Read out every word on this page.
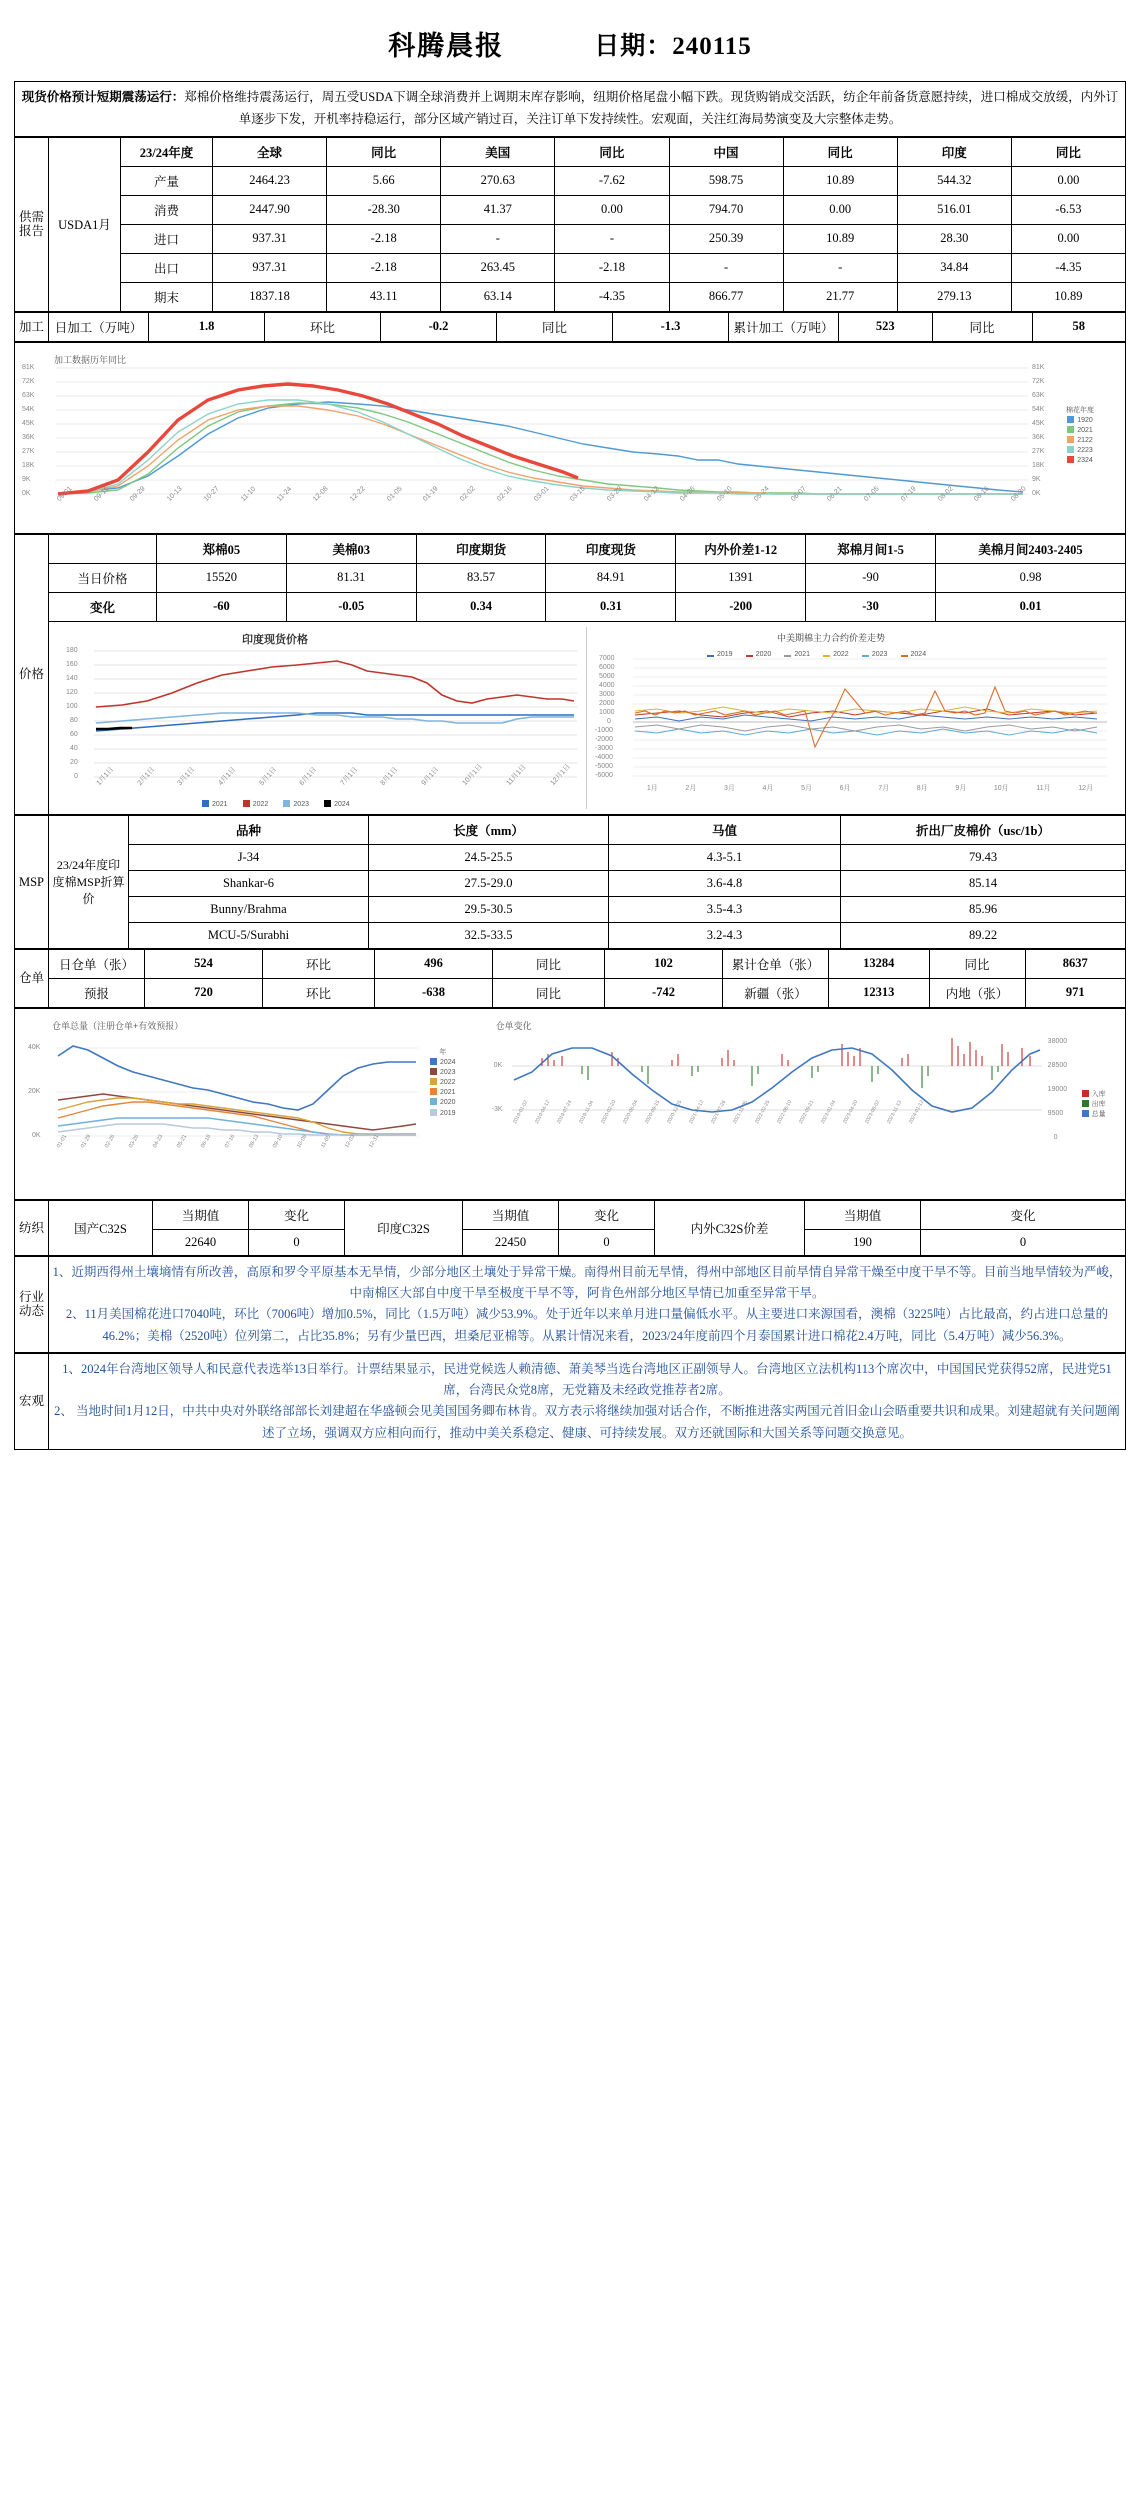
科腾晨报	日期：240115
现货价格预计短期震荡运行：郑棉价格维持震荡运行，周五受USDA下调全球消费并上调期末库存影响，纽期价格尾盘小幅下跌。现货购销成交活跃，纺企年前备货意愿持续，进口棉成交放缓，内外订单逐步下发，开机率持稳运行，部分区域产销过百，关注订单下发持续性。宏观面，关注红海局势演变及大宗整体走势。
供需报告	USDA1月	23/24年度	全球	同比	美国	同比	中国	同比	印度	同比
		产量	2464.23	5.66	270.63	-7.62	598.75	10.89	544.32	0.00
		消费	2447.90	-28.30	41.37	0.00	794.70	0.00	516.01	-6.53
		进口	937.31	-2.18	-	-	250.39	10.89	28.30	0.00
		出口	937.31	-2.18	263.45	-2.18	-	-	34.84	-4.35
		期末	1837.18	43.11	63.14	-4.35	866.77	21.77	279.13	10.89
加工	日加工（万吨）	1.8	环比	-0.2	同比	-1.3	累计加工（万吨）	523	同比	58
加工数据历年同比
81K
72K
63K
54K
45K
36K
27K
18K
9K
0K
81K
72K
63K
54K
45K
36K
27K
18K
9K
0K
棉花年度
1920
2021
2122
2223
2324
09-01	09-15	09-29	10-13	10-27	11-10	11-24	12-08	12-22	01-05	01-19	02-02	02-16	03-01	03-15	03-29	04-12	04-26	05-10	05-24	06-07	06-21	07-05	07-19	08-02	08-16	08-30
价格		郑棉05	美棉03	印度期货	印度现货	内外价差1-12	郑棉月间1-5	美棉月间2403-2405
	当日价格	15520	81.31	83.57	84.91	1391	-90	0.98
	变化	-60	-0.05	0.34	0.31	-200	-30	0.01

印度现货价格
180
160
140
120
100
80
60
40
20
0	1月1日	2月1日	3月1日	4月1日	5月1日	6月1日	7月1日	8月1日	9月1日	10月1日	11月1日	12月1日
2021	2022	2023	2024
中美期棉主力合约价差走势
2019	2020	2021	2022	2023	2024
7000
6000
5000
4000
3000
2000
1000
0
-1000
-2000
-3000
-4000
-5000
-6000
1月	2月	3月	4月	5月	6月	7月	8月	9月	10月	11月	12月
MSP	23/24年度印度棉MSP折算价	品种	长度（mm）	马值	折出厂皮棉价（usc/1b）
		J-34	24.5-25.5	4.3-5.1	79.43
		Shankar-6	27.5-29.0	3.6-4.8	85.14
		Bunny/Brahma	29.5-30.5	3.5-4.3	85.96
		MCU-5/Surabhi	32.5-33.5	3.2-4.3	89.22
仓单	日仓单（张）	524	环比	496	同比	102	累计仓单（张）	13284	同比	8637
	预报	720	环比	-638	同比	-742	新疆（张）	12313	内地（张）	971
仓单总量（注册仓单+有效预报）
40K
20K
0K
年
2024
2023
2022
2021
2020
2019
01-01 01-29 02-26 03-26 04-23 05-21 06-18 07-16 08-13 09-10 10-08 11-05 12-03 12-31
仓单变化
0K
-3K
38000
28500
19000
9500
0
入库
出库
总量
2019-01-02 2019-04-12 2019-07-24 2019-11-04 2020-02-20 2020-06-04 2020-09-15 2020-12-25 2021-04-12 2021-07-26 2021-11-05 2022-02-25 2022-06-10 2022-09-21 2023-01-04 2023-04-20 2023-08-02 2023-11-13 2024-01-12
纺织	国产C32S	当期值	变化	印度C32S	当期值	变化	内外C32S价差	当期值	变化
		22640	0		22450	0		190	0
行业动态	
1、近期西得州土壤墒情有所改善，高原和罗令平原基本无旱情，少部分地区土壤处于异常干燥。南得州目前无旱情，得州中部地区目前旱情自异常干燥至中度干旱不等。目前当地旱情较为严峻，中南棉区大部自中度干旱至极度干旱不等，阿肯色州部分地区旱情已加重至异常干旱。
2、11月美国棉花进口7040吨，环比（7006吨）增加0.5%，同比（1.5万吨）减少53.9%。处于近年以来单月进口量偏低水平。从主要进口来源国看，澳棉（3225吨）占比最高，约占进口总量的46.2%；美棉（2520吨）位列第二，占比35.8%；另有少量巴西，坦桑尼亚棉等。从累计情况来看，2023/24年度前四个月泰国累计进口棉花2.4万吨，同比（5.4万吨）减少56.3%。
宏观	
1、2024年台湾地区领导人和民意代表选举13日举行。计票结果显示，民进党候选人赖清德、萧美琴当选台湾地区正副领导人。台湾地区立法机构113个席次中，中国国民党获得52席，民进党51席，台湾民众党8席，无党籍及未经政党推荐者2席。
2、 当地时间1月12日，中共中央对外联络部部长刘建超在华盛顿会见美国国务卿布林肯。双方表示将继续加强对话合作，不断推进落实两国元首旧金山会晤重要共识和成果。刘建超就有关问题阐述了立场，强调双方应相向而行，推动中美关系稳定、健康、可持续发展。双方还就国际和大国关系等问题交换意见。
